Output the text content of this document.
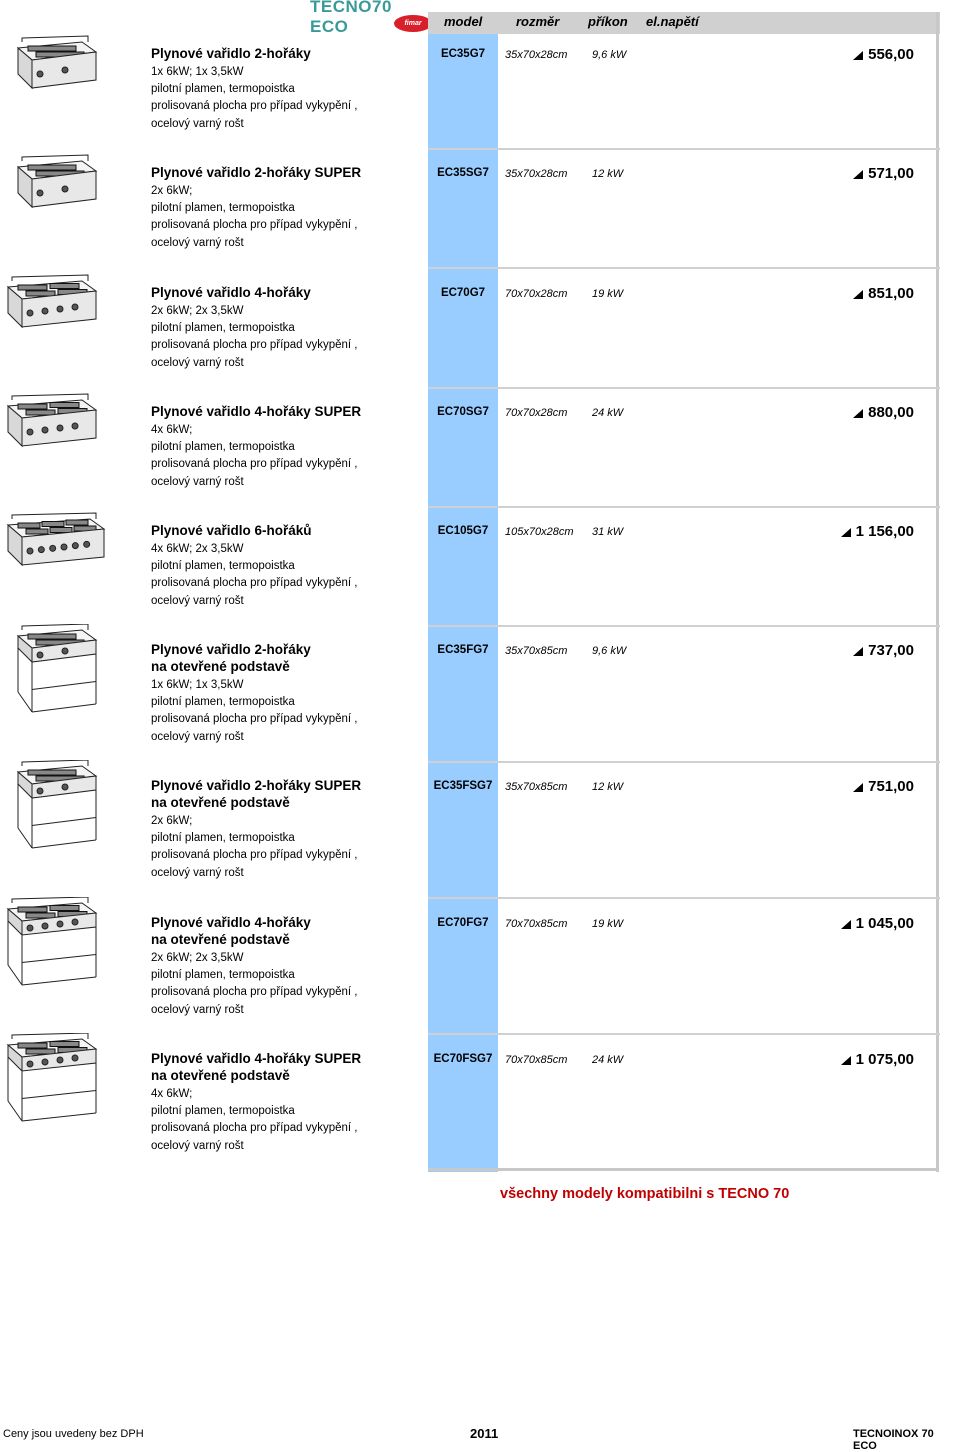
TECNO70 ECO	fimar	model	rozměr příkon el.napětí
Plynové vařidlo 2-hořáky
1x 6kW; 1x 3,5kW
pilotní plamen, termopoistka
prolisovaná plocha pro případ vykypění ,
ocelový varný rošt
EC35G7	35x70x28cm 9,6 kW	556,00
Plynové vařidlo 2-hořáky SUPER
2x 6kW;
pilotní plamen, termopoistka
prolisovaná plocha pro případ vykypění ,
ocelový varný rošt
EC35SG7	35x70x28cm 12 kW	571,00
Plynové vařidlo 4-hořáky
2x 6kW; 2x 3,5kW
pilotní plamen, termopoistka
prolisovaná plocha pro případ vykypění ,
ocelový varný rošt
EC70G7	70x70x28cm 19 kW	851,00
Plynové vařidlo 4-hořáky SUPER
4x 6kW;
pilotní plamen, termopoistka
prolisovaná plocha pro případ vykypění ,
ocelový varný rošt
EC70SG7	70x70x28cm 24 kW	880,00
Plynové vařidlo 6-hořáků
4x 6kW; 2x 3,5kW
pilotní plamen, termopoistka
prolisovaná plocha pro případ vykypění ,
ocelový varný rošt
EC105G7	105x70x28cm 31 kW	1 156,00
Plynové vařidlo 2-hořáky
na otevřené podstavě
1x 6kW; 1x 3,5kW
pilotní plamen, termopoistka
prolisovaná plocha pro případ vykypění ,
ocelový varný rošt
EC35FG7	35x70x85cm 9,6 kW	737,00
Plynové vařidlo 2-hořáky SUPER
na otevřené podstavě
2x 6kW;
pilotní plamen, termopoistka
prolisovaná plocha pro případ vykypění ,
ocelový varný rošt
EC35FSG7	35x70x85cm 12 kW	751,00
Plynové vařidlo 4-hořáky
na otevřené podstavě
2x 6kW; 2x 3,5kW
pilotní plamen, termopoistka
prolisovaná plocha pro případ vykypění ,
ocelový varný rošt
EC70FG7	70x70x85cm 19 kW	1 045,00
Plynové vařidlo 4-hořáky SUPER
na otevřené podstavě
4x 6kW;
pilotní plamen, termopoistka
prolisovaná plocha pro případ vykypění ,
ocelový varný rošt
EC70FSG7	70x70x85cm 24 kW	1 075,00
všechny modely kompatibilni s TECNO 70
Ceny jsou uvedeny bez DPH	2011	TECNOINOX 70 ECO
